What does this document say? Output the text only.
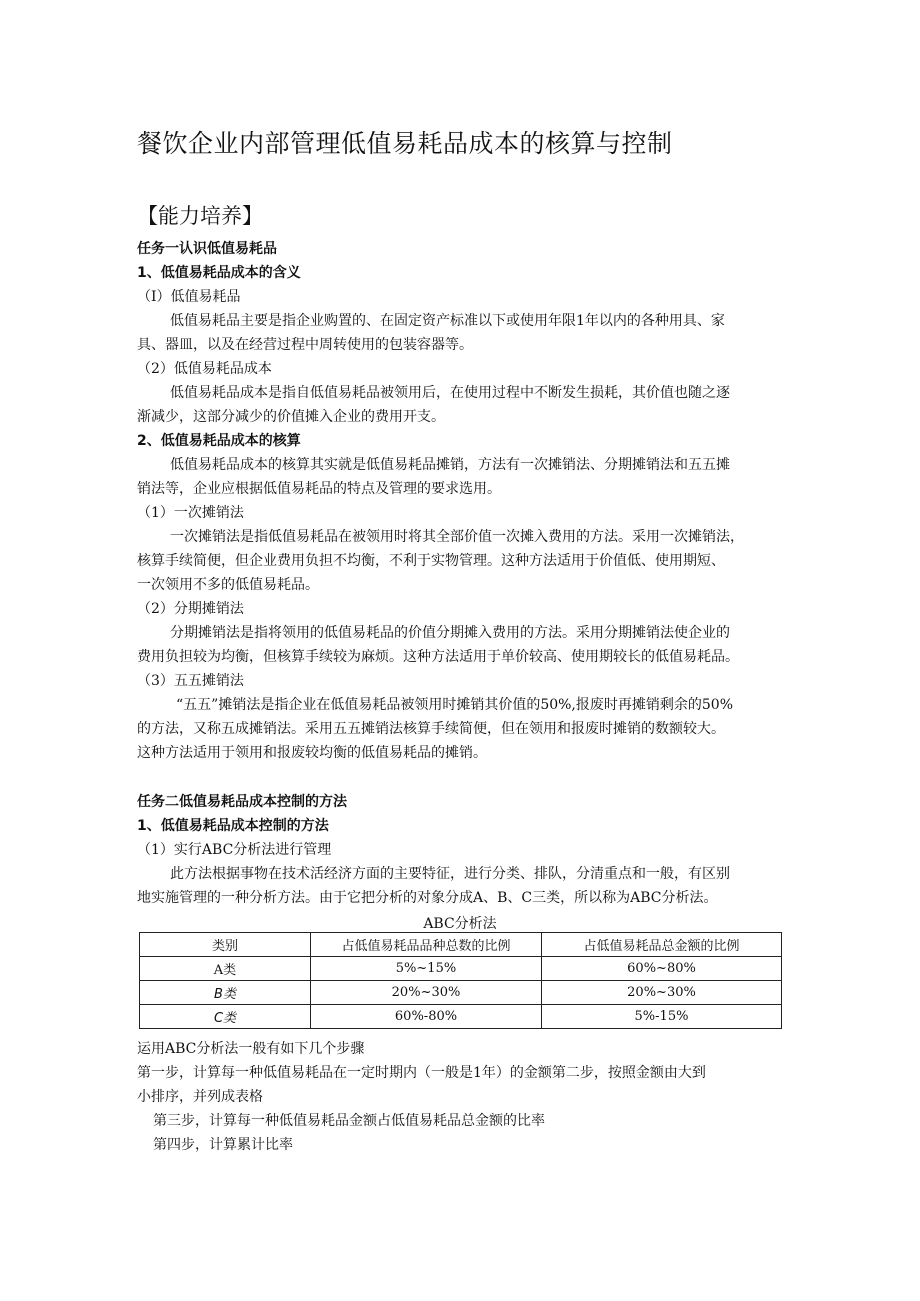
餐饮企业内部管理低值易耗品成本的核算与控制
【能力培养】
任务一认识低值易耗品
1、低值易耗品成本的含义
（I）低值易耗品
低值易耗品主要是指企业购置的、在固定资产标准以下或使用年限1年以内的各种用具、家
具、器皿，以及在经营过程中周转使用的包装容器等。
（2）低值易耗品成本
低值易耗品成本是指自低值易耗品被领用后，在使用过程中不断发生损耗，其价值也随之逐
渐减少，这部分减少的价值摊入企业的费用开支。
2、低值易耗品成本的核算
低值易耗品成本的核算其实就是低值易耗品摊销，方法有一次摊销法、分期摊销法和五五摊
销法等，企业应根据低值易耗品的特点及管理的要求选用。
（1）一次摊销法
一次摊销法是指低值易耗品在被领用时将其全部价值一次摊入费用的方法。采用一次摊销法，
核算手续简便，但企业费用负担不均衡，不利于实物管理。这种方法适用于价值低、使用期短、
一次领用不多的低值易耗品。
（2）分期摊销法
分期摊销法是指将领用的低值易耗品的价值分期摊入费用的方法。采用分期摊销法使企业的
费用负担较为均衡，但核算手续较为麻烦。这种方法适用于单价较高、使用期较长的低值易耗品。
（3）五五摊销法
“五五”摊销法是指企业在低值易耗品被领用时摊销其价值的50%,报废时再摊销剩余的50%
的方法，又称五成摊销法。采用五五摊销法核算手续简便，但在领用和报废时摊销的数额较大。
这种方法适用于领用和报废较均衡的低值易耗品的摊销。
任务二低值易耗品成本控制的方法
1、低值易耗品成本控制的方法
（1）实行ABC分析法进行管理
此方法根据事物在技术活经济方面的主要特征，进行分类、排队，分清重点和一般，有区别
地实施管理的一种分析方法。由于它把分析的对象分成A、B、C三类，所以称为ABC分析法。
ABC分析法
类别	占低值易耗品品种总数的比例	占低值易耗品总金额的比例
A类	5%~15%	60%~80%
B类	20%~30%	20%~30%
C类	60%-80%	5%-15%
运用ABC分析法一般有如下几个步骤
第一步，计算每一种低值易耗品在一定时期内（一般是1年）的金额第二步，按照金额由大到
小排序，并列成表格
第三步，计算每一种低值易耗品金额占低值易耗品总金额的比率
第四步，计算累计比率
